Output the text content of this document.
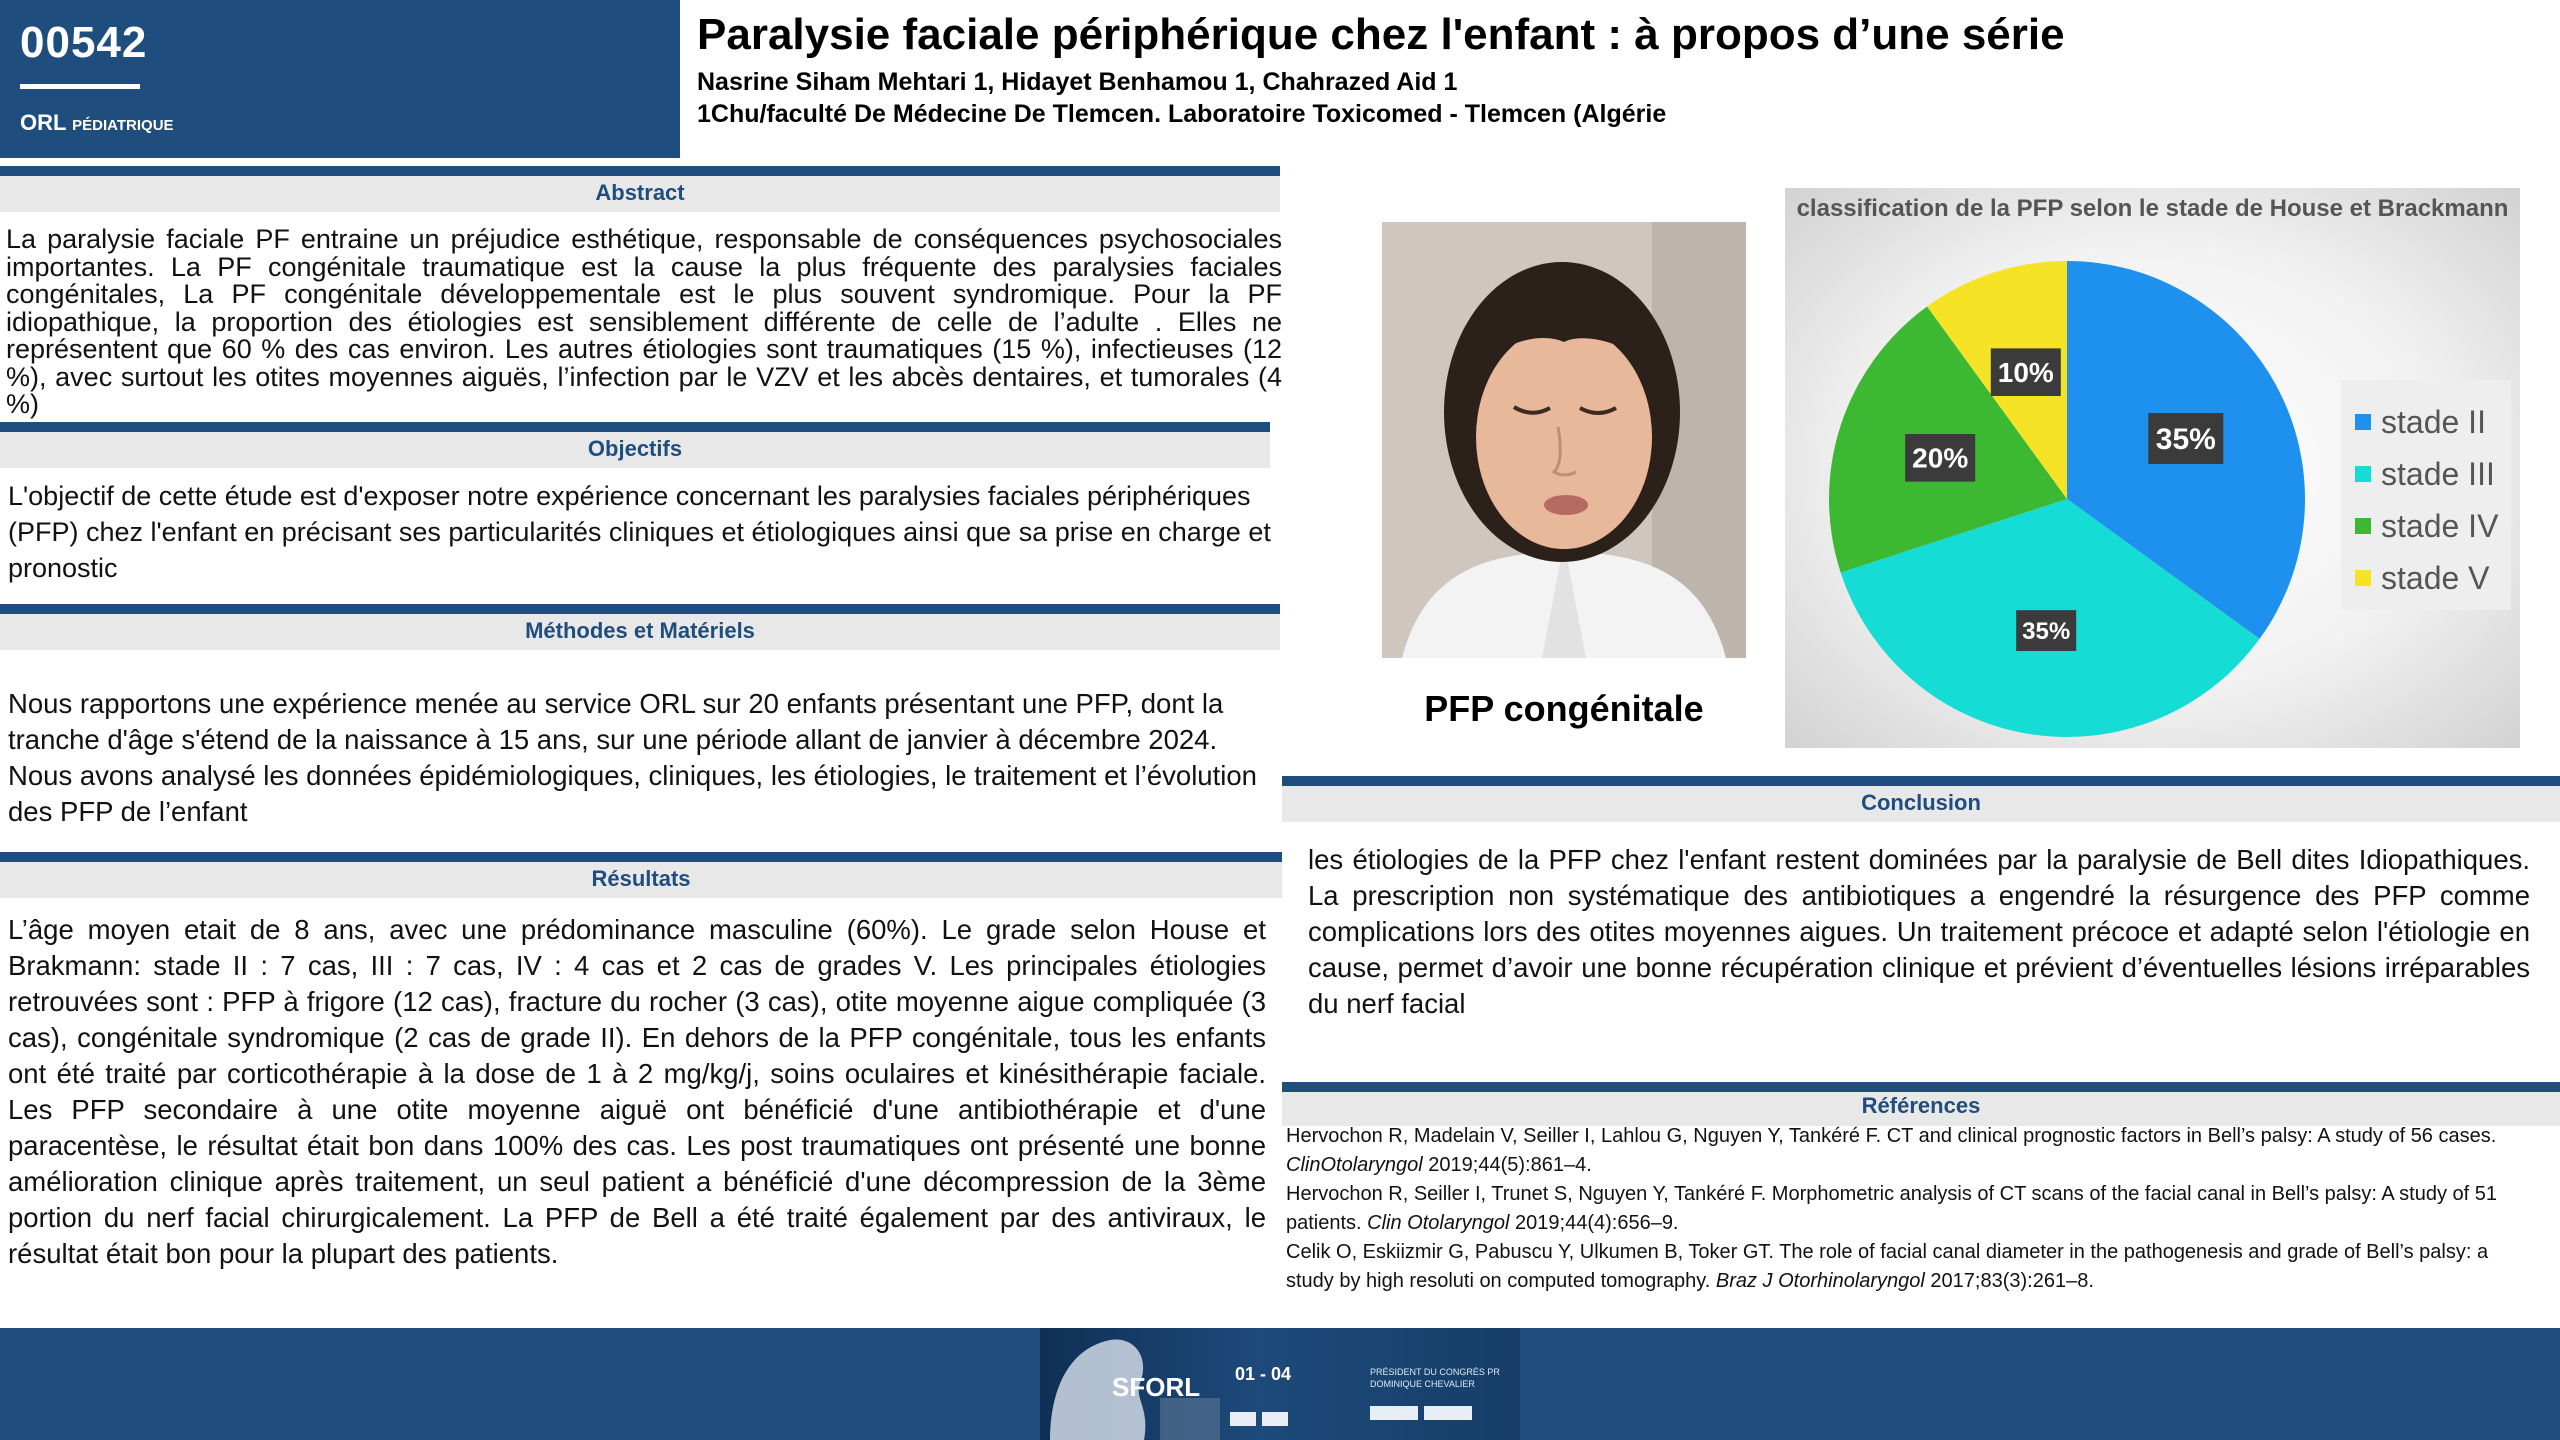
00542
ORL pédiatrique
Paralysie faciale périphérique chez l'enfant : à propos d’une série
Nasrine Siham Mehtari 1, Hidayet Benhamou 1, Chahrazed Aid 1
1Chu/faculté De Médecine De Tlemcen. Laboratoire Toxicomed - Tlemcen (Algérie
Abstract
La paralysie faciale PF entraine un préjudice esthétique, responsable de conséquences psychosociales importantes. La PF congénitale traumatique est la cause la plus fréquente des paralysies faciales congénitales, La PF congénitale développementale est le plus souvent syndromique. Pour la PF idiopathique, la proportion des étiologies est sensiblement différente de celle de l’adulte . Elles ne représentent que 60 % des cas environ. Les autres étiologies sont traumatiques (15 %), infectieuses (12 %), avec surtout les otites moyennes aiguës, l’infection par le VZV et les abcès dentaires, et tumorales (4 %)
Objectifs
L'objectif de cette étude est d'exposer notre expérience concernant les paralysies faciales périphériques (PFP) chez l'enfant en précisant ses particularités cliniques et étiologiques ainsi que sa prise en charge et pronostic
Méthodes et Matériels
Nous rapportons une expérience menée au service ORL sur 20 enfants présentant une PFP, dont la tranche d'âge s'étend de la naissance à 15 ans, sur une période allant de janvier à décembre 2024. Nous avons analysé les données épidémiologiques, cliniques, les étiologies, le traitement et l’évolution des PFP de l’enfant
Résultats
L’âge moyen etait de 8 ans, avec une prédominance masculine (60%). Le grade selon House et Brakmann: stade II : 7 cas, III : 7 cas, IV : 4 cas et 2 cas de grades V. Les principales étiologies retrouvées sont : PFP à frigore (12 cas), fracture du rocher (3 cas), otite moyenne aigue compliquée (3 cas), congénitale syndromique (2 cas de grade II). En dehors de la PFP congénitale, tous les enfants ont été traité par corticothérapie à la dose de 1 à 2 mg/kg/j, soins oculaires et kinésithérapie faciale. Les PFP secondaire à une otite moyenne aiguë ont bénéficié d'une antibiothérapie et d'une paracentèse, le résultat était bon dans 100% des cas. Les post traumatiques ont présenté une bonne amélioration clinique après traitement, un seul patient a bénéficié d'une décompression de la 3ème portion du nerf facial chirurgicalement. La PFP de Bell a été traité également par des antiviraux, le résultat était bon pour la plupart des patients.
PFP congénitale
classification de la PFP selon le stade de House et Brackmann
35%
35%
20%
10%
stade II
stade III
stade IV
stade V
Conclusion
les étiologies de la PFP chez l'enfant restent dominées par la paralysie de Bell dites Idiopathiques. La prescription non systématique des antibiotiques a engendré la résurgence des PFP comme complications lors des otites moyennes aigues. Un traitement précoce et adapté selon l'étiologie en cause, permet d’avoir une bonne récupération clinique et prévient d’éventuelles lésions irréparables du nerf facial
Références
Hervochon R, Madelain V, Seiller I, Lahlou G, Nguyen Y, Tankéré F. CT and clinical prognostic factors in Bell’s palsy: A study of 56 cases. ClinOtolaryngol 2019;44(5):861–4.
Hervochon R, Seiller I, Trunet S, Nguyen Y, Tankéré F. Morphometric analysis of CT scans of the facial canal in Bell’s palsy: A study of 51 patients. Clin Otolaryngol 2019;44(4):656–9.
Celik O, Eskiizmir G, Pabuscu Y, Ulkumen B, Toker GT. The role of facial canal diameter in the pathogenesis and grade of Bell’s palsy: a study by high resoluti on computed tomography. Braz J Otorhinolaryngol 2017;83(3):261–8.
SFORL 01 - 04	PRÉSIDENT DU CONGRÈS PR DOMINIQUE CHEVALIER
